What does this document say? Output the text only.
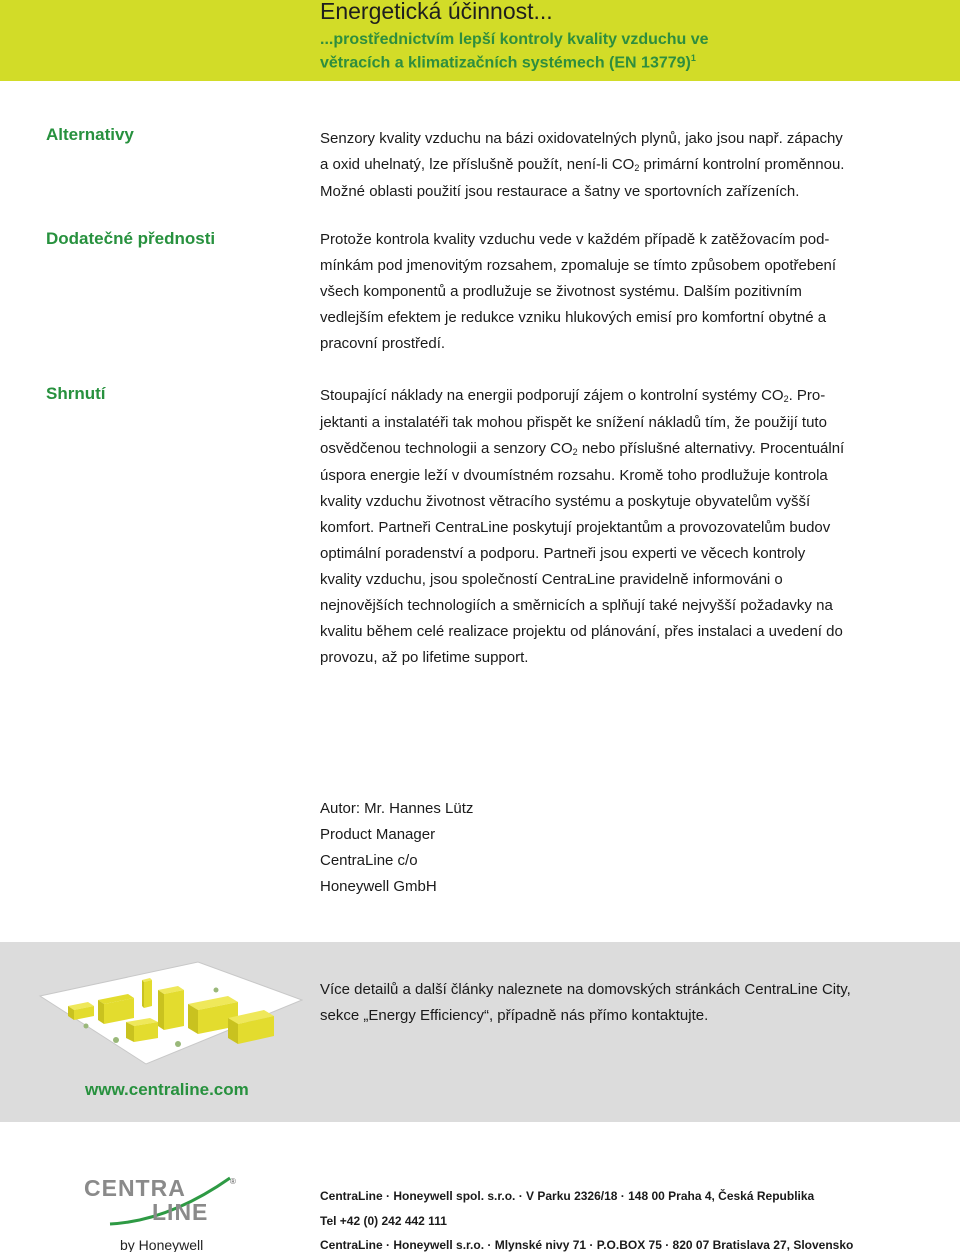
Energetická účinnost...
...prostřednictvím lepší kontroly kvality vzduchu ve
větracích a klimatizačních systémech (EN 13779)$^1$
Alternativy	Senzory kvality vzduchu na bázi oxidovatelných plynů, jako jsou např. zápachy
a oxid uhelnatý, lze příslušně použít, není-li $CO_2$ primární kontrolní proměnnou.
Možné oblasti použití jsou restaurace a šatny ve sportovních zařízeních.
Dodatečné přednosti	Protože kontrola kvality vzduchu vede v každém případě k zatěžovacím pod-
mínkám pod jmenovitým rozsahem, zpomaluje se tímto způsobem opotřebení
všech komponentů a prodlužuje se životnost systému. Dalším pozitivním
vedlejším efektem je redukce vzniku hlukových emisí pro komfortní obytné a
pracovní prostředí.
Shrnutí	Stoupající náklady na energii podporují zájem o kontrolní systémy $CO_2$. Pro-
jektanti a instalatéři tak mohou přispět ke snížení nákladů tím, že použijí tuto
osvědčenou technologii a senzory $CO_2$ nebo příslušné alternativy. Procentuální
úspora energie leží v dvoumístném rozsahu. Kromě toho prodlužuje kontrola
kvality vzduchu životnost větracího systému a poskytuje obyvatelům vyšší
komfort. Partneři CentraLine poskytují projektantům a provozovatelům budov
optimální poradenství a podporu. Partneři jsou experti ve věcech kontroly
kvality vzduchu, jsou společností CentraLine pravidelně informováni o
nejnovějších technologiích a směrnicích a splňují také nejvyšší požadavky na
kvalitu během celé realizace projektu od plánování, přes instalaci a uvedení do
provozu, až po lifetime support.
Autor: Mr. Hannes Lütz
Product Manager
CentraLine c/o
Honeywell GmbH
Více detailů a další články naleznete na domovských stránkách CentraLine City,
sekce „Energy Efficiency“, případně nás přímo kontaktujte.
www.centraline.com
CENTRA	®
LINE
by Honeywell
CentraLine · Honeywell spol. s.r.o. · V Parku 2326/18 · 148 00 Praha 4, Česká Republika
Tel +42 (0) 242 442 111
CentraLine · Honeywell s.r.o. · Mlynské nivy 71 · P.O.BOX 75 · 820 07 Bratislava 27, Slovensko
